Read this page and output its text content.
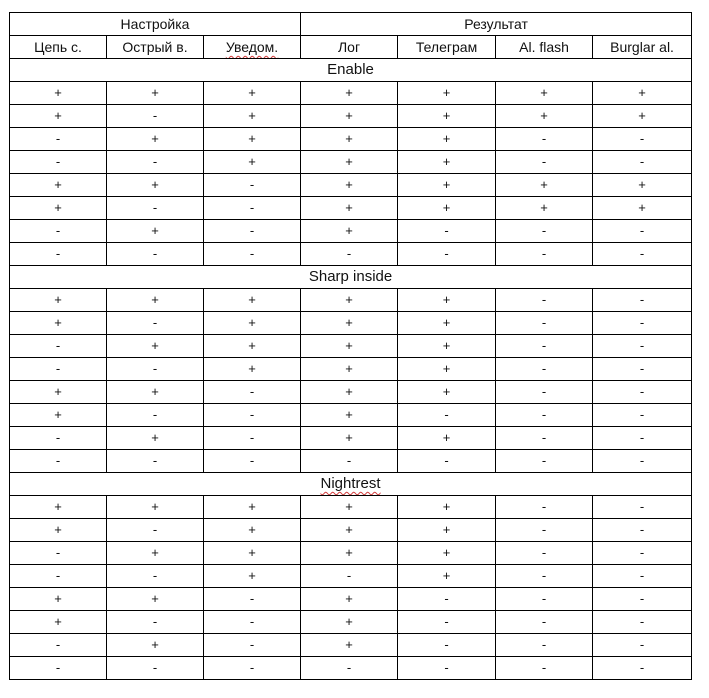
Настройка			Результат			
Цепь с.	Острый в.	Уведом.	Лог	Телеграм	Al. flash	Burglar al.
Enable						
+	+	+	+	+	+	+
+	-	+	+	+	+	+
-	+	+	+	+	-	-
-	-	+	+	+	-	-
+	+	-	+	+	+	+
+	-	-	+	+	+	+
-	+	-	+	-	-	-
-	-	-	-	-	-	-
Sharp inside						
+	+	+	+	+	-	-
+	-	+	+	+	-	-
-	+	+	+	+	-	-
-	-	+	+	+	-	-
+	+	-	+	+	-	-
+	-	-	+	-	-	-
-	+	-	+	+	-	-
-	-	-	-	-	-	-
Nightrest						
+	+	+	+	+	-	-
+	-	+	+	+	-	-
-	+	+	+	+	-	-
-	-	+	-	+	-	-
+	+	-	+	-	-	-
+	-	-	+	-	-	-
-	+	-	+	-	-	-
-	-	-	-	-	-	-
